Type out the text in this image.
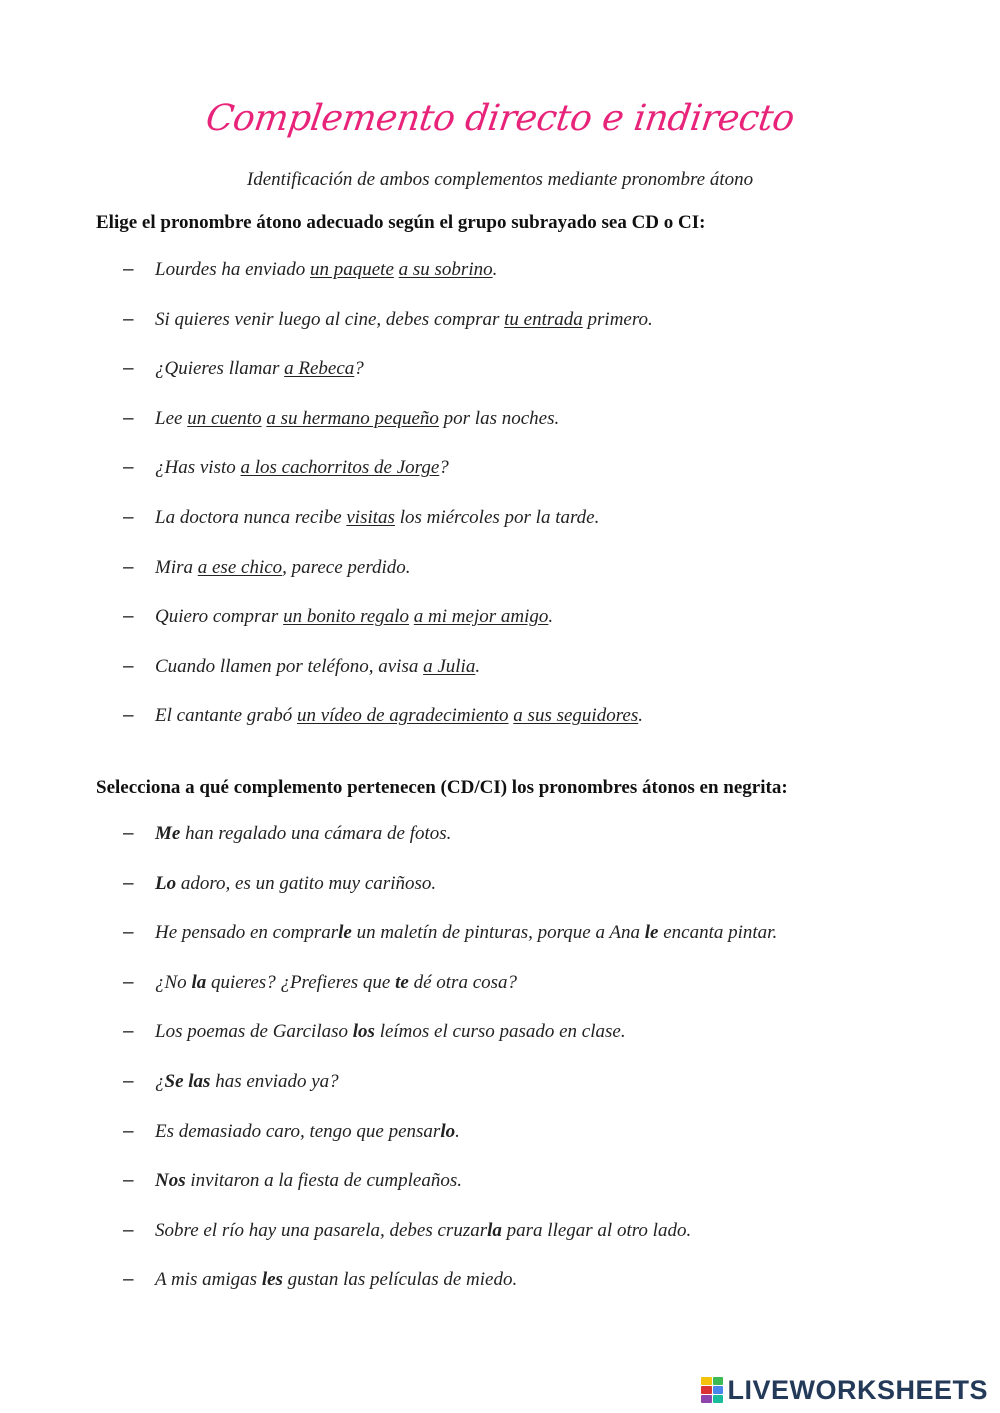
Complemento directo e indirecto
Identificación de ambos complementos mediante pronombre átono
Elige el pronombre átono adecuado según el grupo subrayado sea CD o CI:
– Lourdes ha enviado un paquete a su sobrino.
– Si quieres venir luego al cine, debes comprar tu entrada primero.
– ¿Quieres llamar a Rebeca?
– Lee un cuento a su hermano pequeño por las noches.
– ¿Has visto a los cachorritos de Jorge?
– La doctora nunca recibe visitas los miércoles por la tarde.
– Mira a ese chico, parece perdido.
– Quiero comprar un bonito regalo a mi mejor amigo.
– Cuando llamen por teléfono, avisa a Julia.
– El cantante grabó un vídeo de agradecimiento a sus seguidores.
Selecciona a qué complemento pertenecen (CD/CI) los pronombres átonos en negrita:
– Me han regalado una cámara de fotos.
– Lo adoro, es un gatito muy cariñoso.
– He pensado en comprarle un maletín de pinturas, porque a Ana le encanta pintar.
– ¿No la quieres? ¿Prefieres que te dé otra cosa?
– Los poemas de Garcilaso los leímos el curso pasado en clase.
– ¿Se las has enviado ya?
– Es demasiado caro, tengo que pensarlo.
– Nos invitaron a la fiesta de cumpleaños.
– Sobre el río hay una pasarela, debes cruzarla para llegar al otro lado.
– A mis amigas les gustan las películas de miedo.
LIVEWORKSHEETS
